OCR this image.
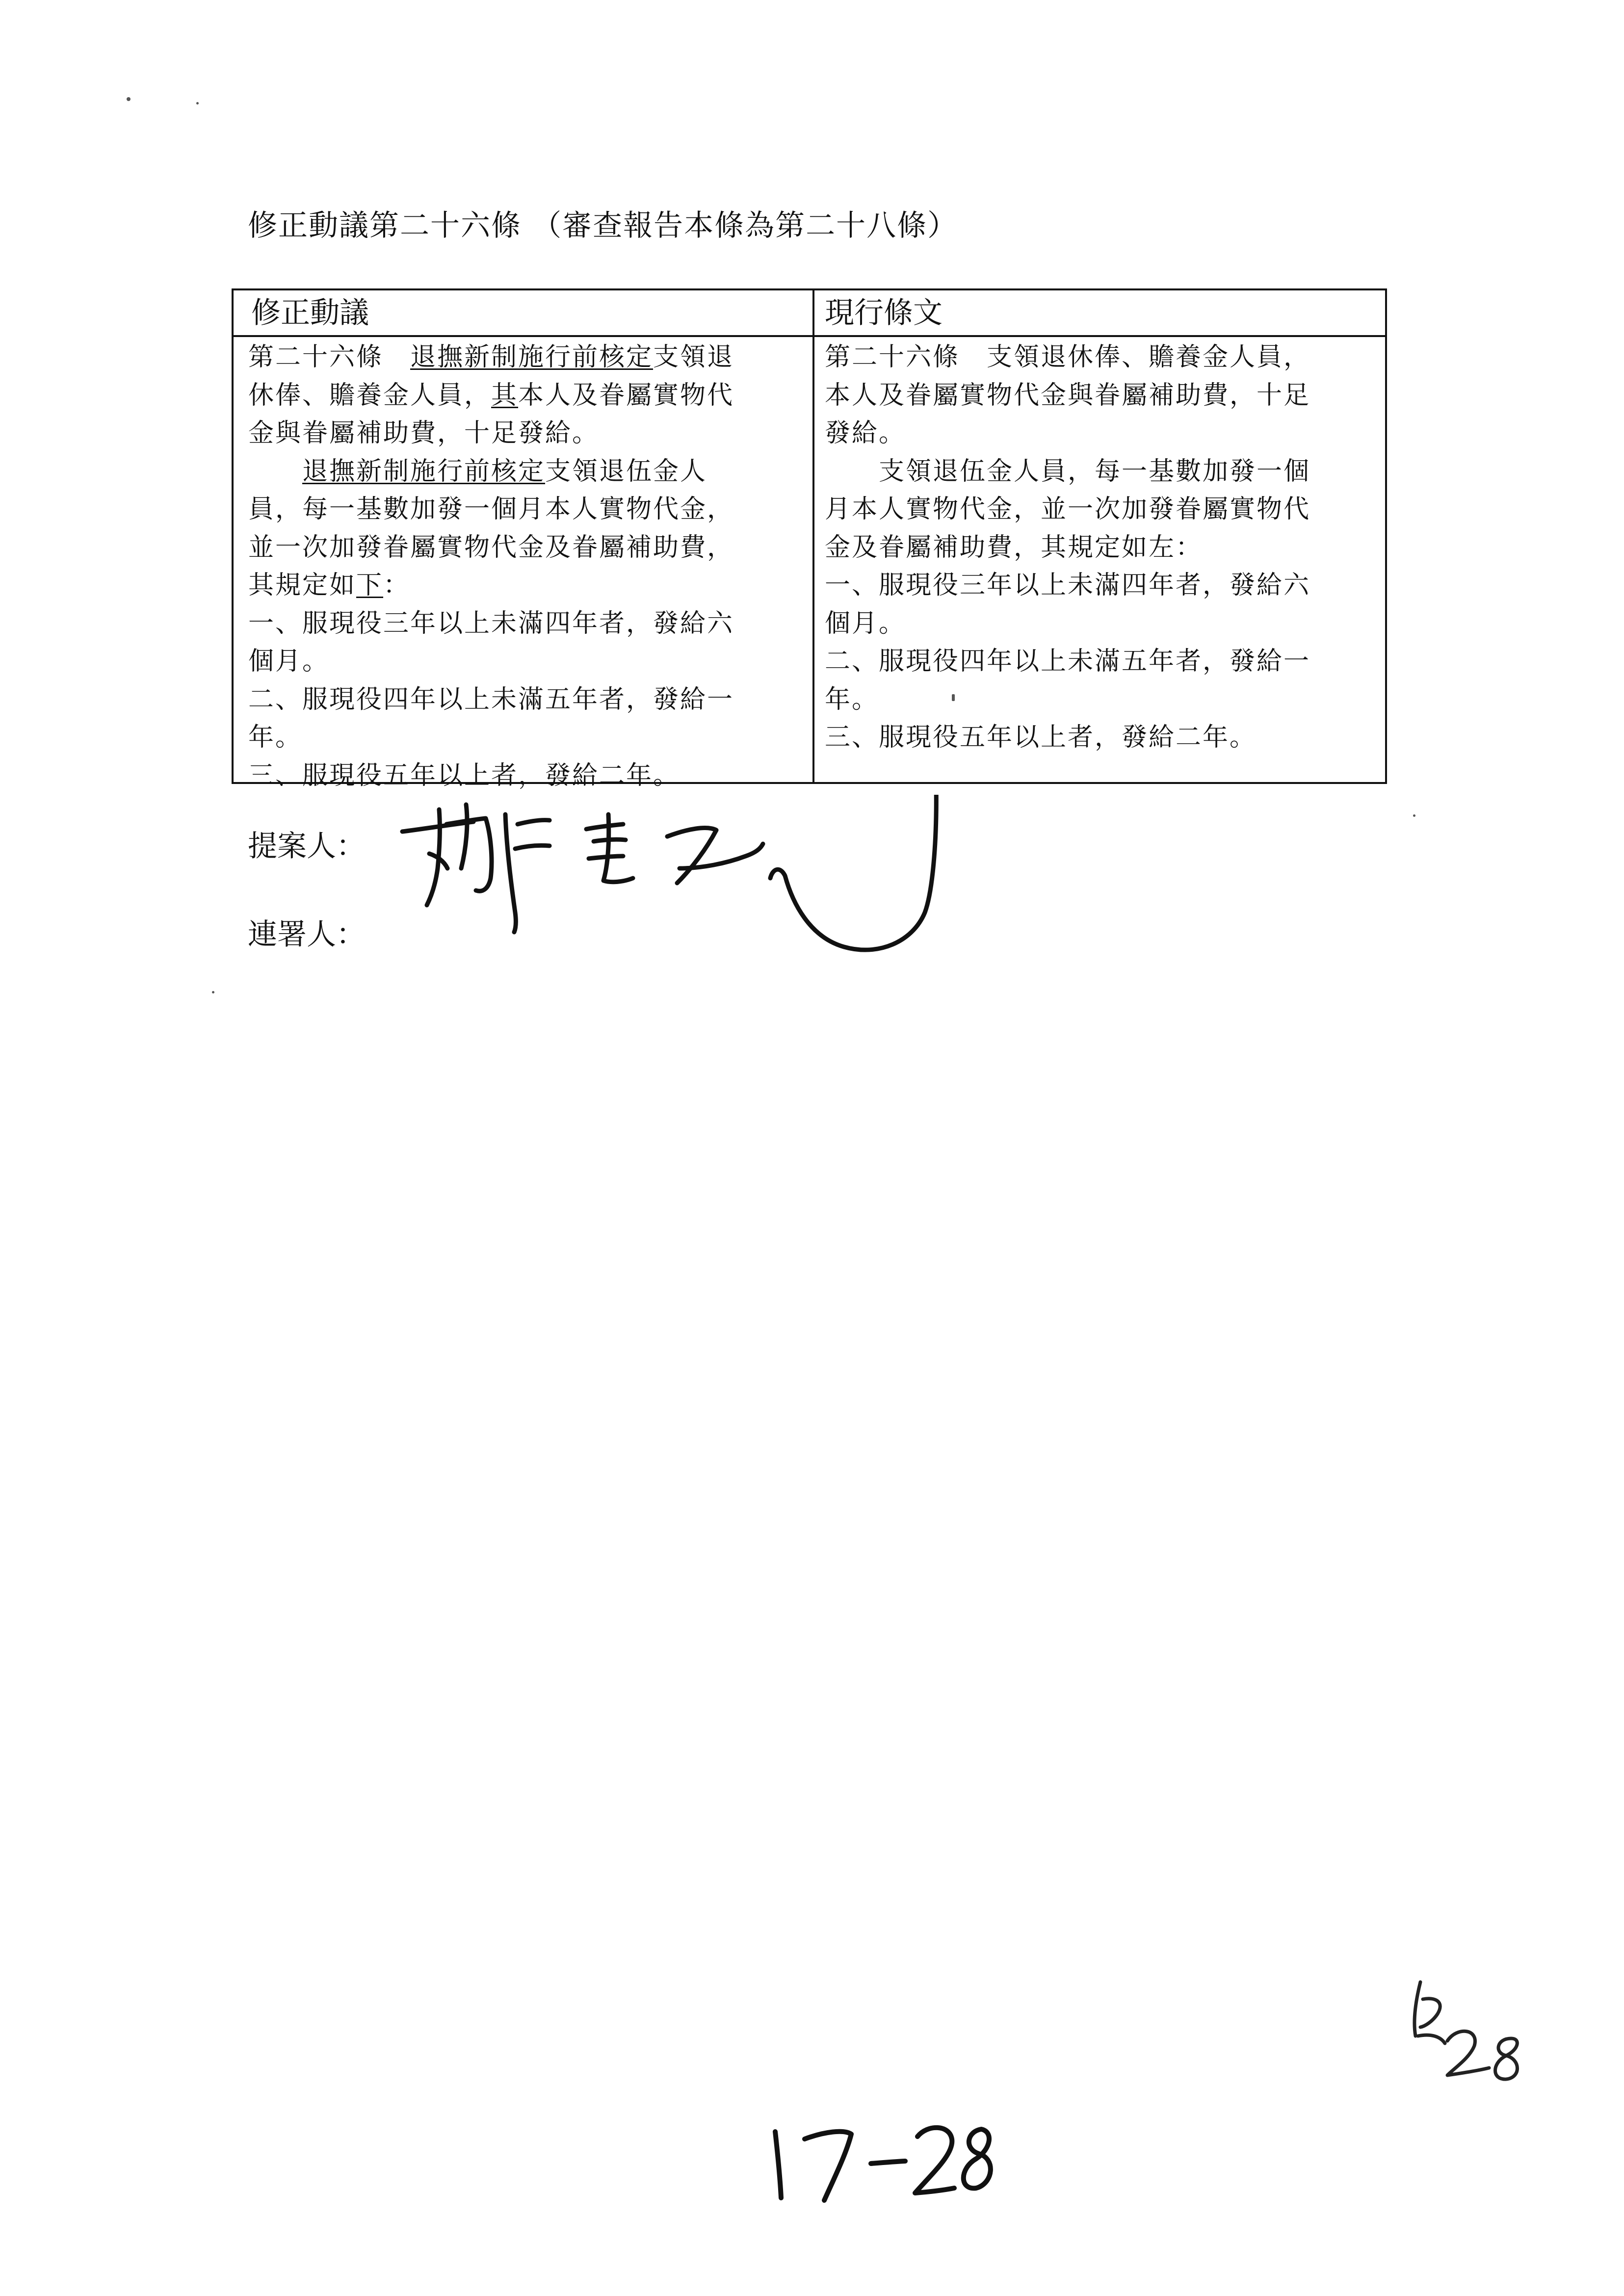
修正動議第二十六條 （審查報告本條為第二十八條）
修正動議	現行條文
第二十六條　退撫新制施行前核定支領退
休俸、贍養金人員，其本人及眷屬實物代
金與眷屬補助費，十足發給。
　　退撫新制施行前核定支領退伍金人
員，每一基數加發一個月本人實物代金，
並一次加發眷屬實物代金及眷屬補助費，
其規定如下：
一、服現役三年以上未滿四年者，發給六
個月。
二、服現役四年以上未滿五年者，發給一
年。
三、服現役五年以上者，發給二年。
第二十六條　支領退休俸、贍養金人員，
本人及眷屬實物代金與眷屬補助費，十足
發給。
　　支領退伍金人員，每一基數加發一個
月本人實物代金，並一次加發眷屬實物代
金及眷屬補助費，其規定如左：
一、服現役三年以上未滿四年者，發給六
個月。
二、服現役四年以上未滿五年者，發給一
年。
三、服現役五年以上者，發給二年。
提案人：
連署人：
